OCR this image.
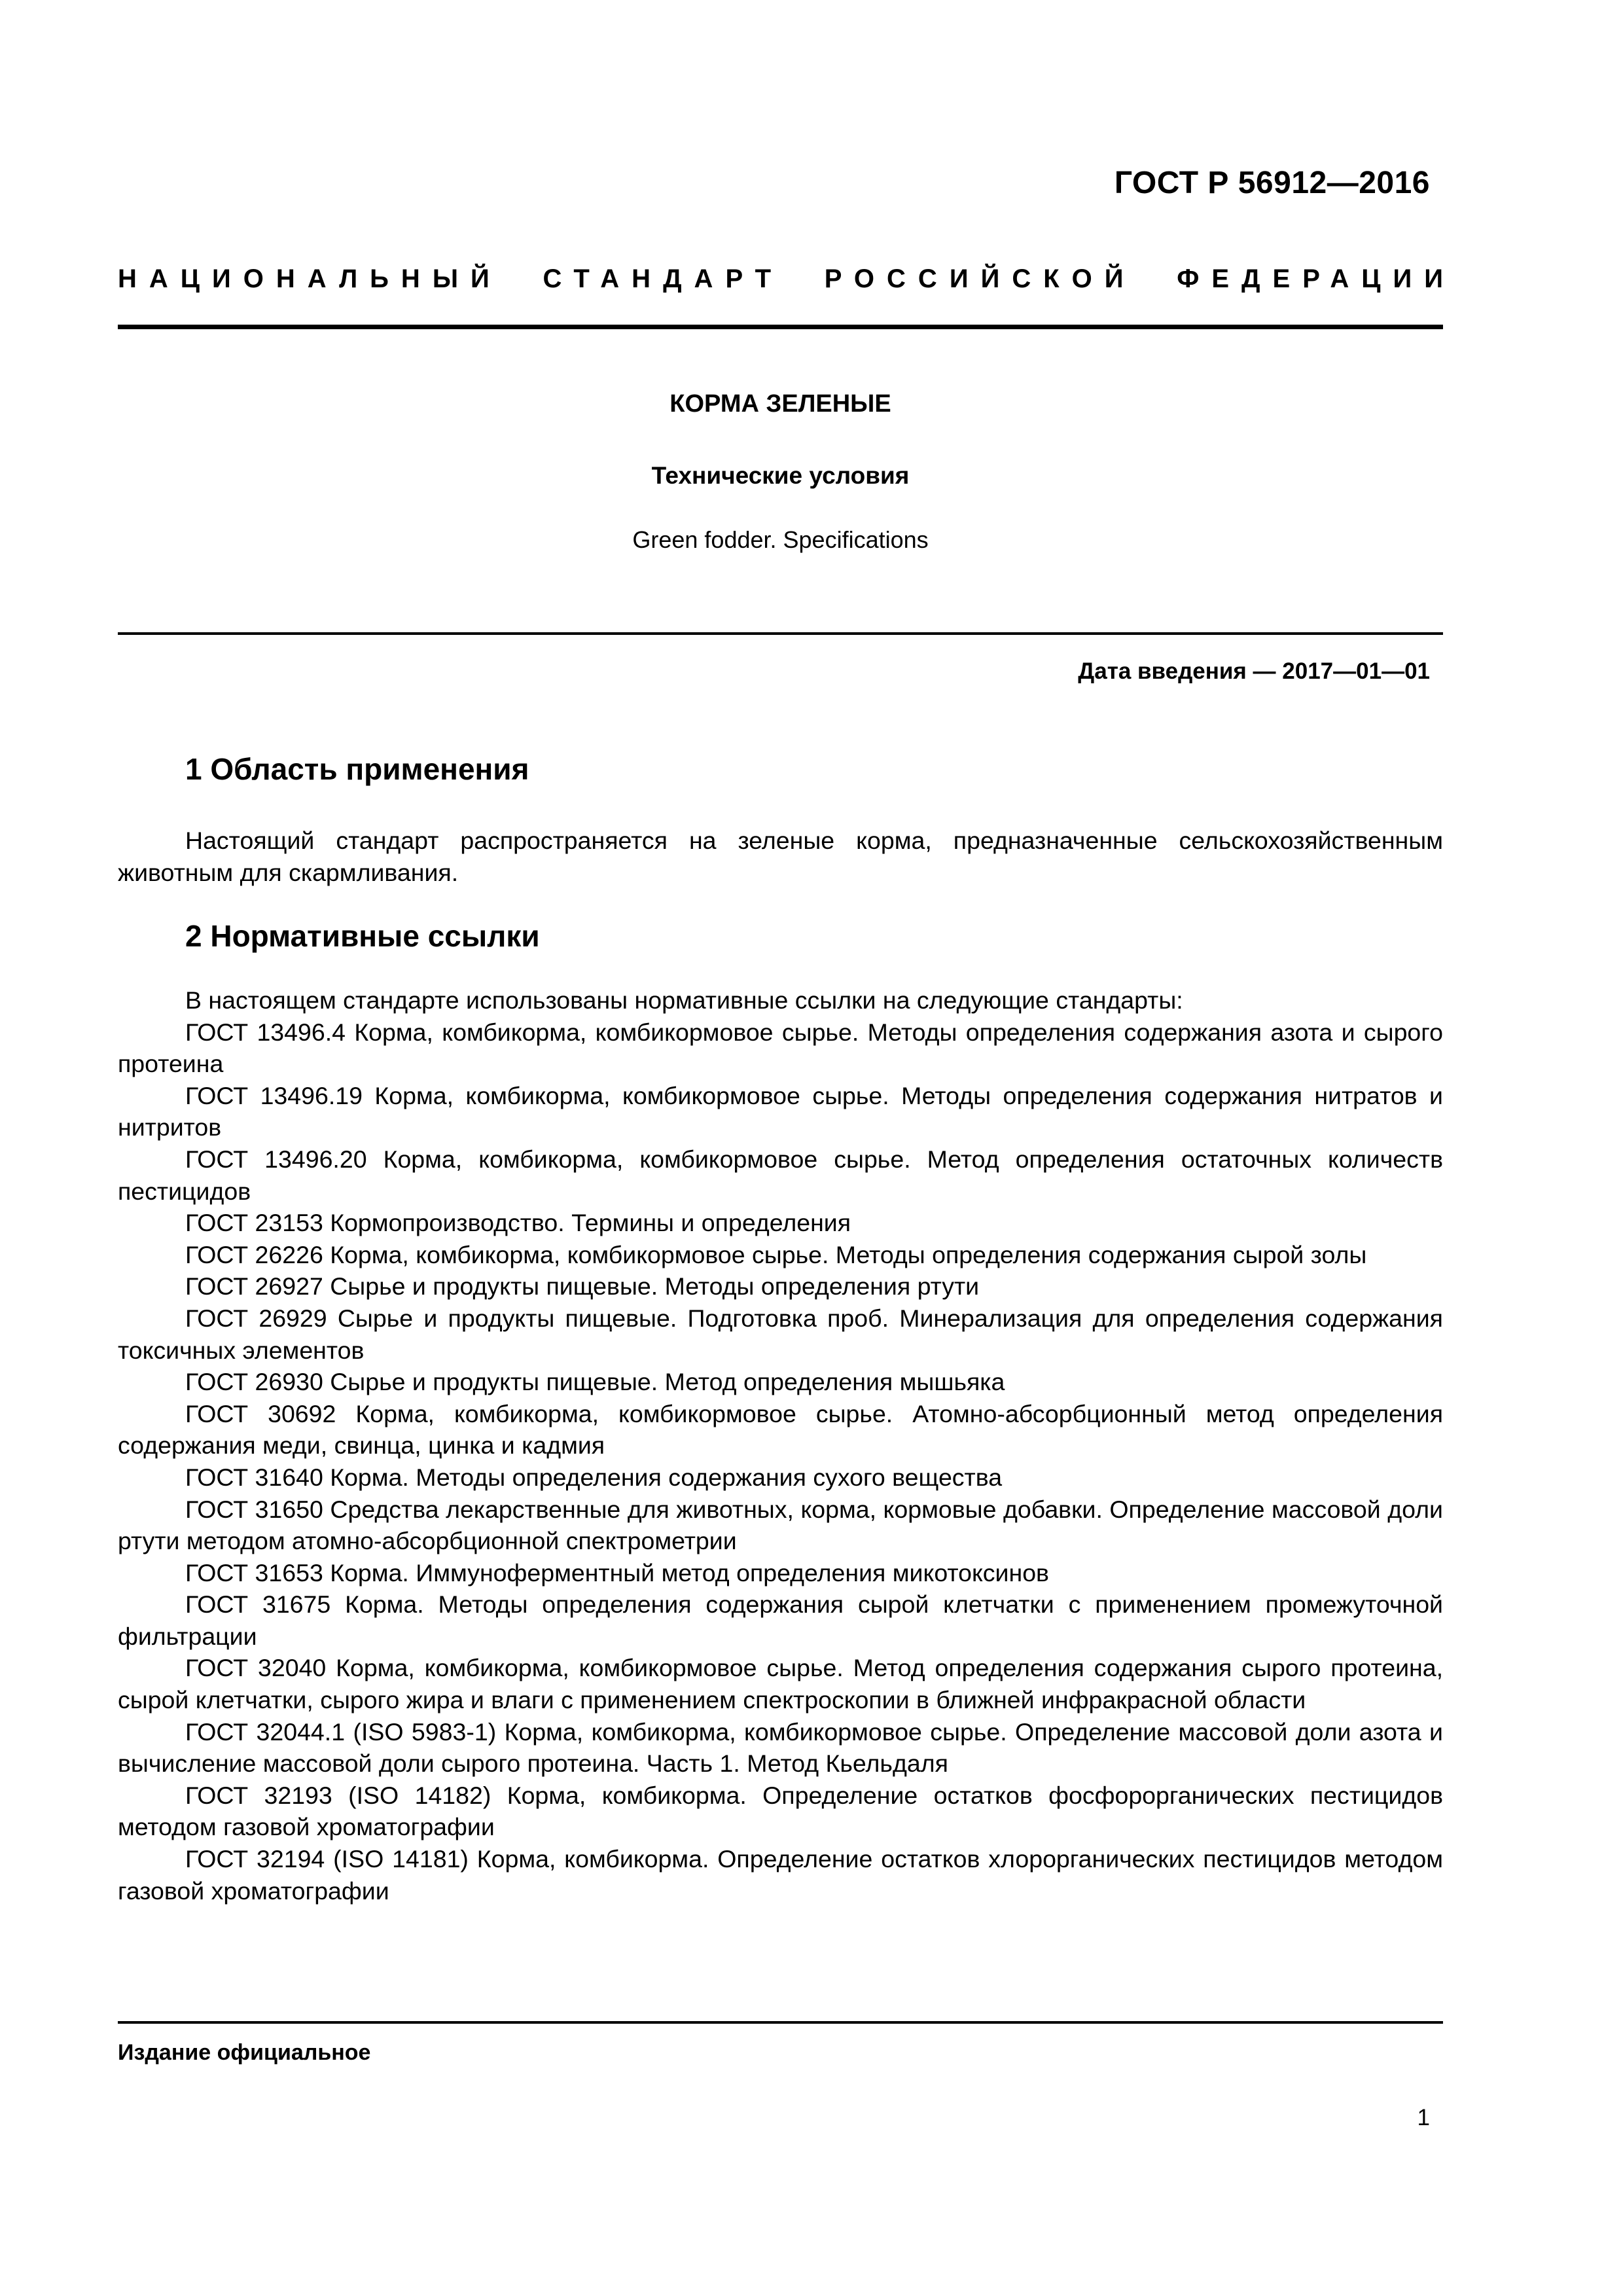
ГОСТ Р 56912—2016
НАЦИОНАЛЬНЫЙ СТАНДАРТ РОССИЙСКОЙ ФЕДЕРАЦИИ
КОРМА ЗЕЛЕНЫЕ
Технические условия
Green fodder. Specifications
Дата введения — 2017—01—01
1 Область применения

Настоящий стандарт распространяется на зеленые корма, предназначенные сельскохозяйственным животным для скармливания.

2 Нормативные ссылки

В настоящем стандарте использованы нормативные ссылки на следующие стандарты:

ГОСТ 13496.4 Корма, комбикорма, комбикормовое сырье. Методы определения содержания азота и сырого протеина

ГОСТ 13496.19 Корма, комбикорма, комбикормовое сырье. Методы определения содержания нитратов и нитритов

ГОСТ 13496.20 Корма, комбикорма, комбикормовое сырье. Метод определения остаточных количеств пестицидов

ГОСТ 23153 Кормопроизводство. Термины и определения

ГОСТ 26226 Корма, комбикорма, комбикормовое сырье. Методы определения содержания сырой золы

ГОСТ 26927 Сырье и продукты пищевые. Методы определения ртути

ГОСТ 26929 Сырье и продукты пищевые. Подготовка проб. Минерализация для определения содержания токсичных элементов

ГОСТ 26930 Сырье и продукты пищевые. Метод определения мышьяка

ГОСТ 30692 Корма, комбикорма, комбикормовое сырье. Атомно-абсорбционный метод определения содержания меди, свинца, цинка и кадмия

ГОСТ 31640 Корма. Методы определения содержания сухого вещества

ГОСТ 31650 Средства лекарственные для животных, корма, кормовые добавки. Определение массовой доли ртути методом атомно-абсорбционной спектрометрии

ГОСТ 31653 Корма. Иммуноферментный метод определения микотоксинов

ГОСТ 31675 Корма. Методы определения содержания сырой клетчатки с применением промежуточной фильтрации

ГОСТ 32040 Корма, комбикорма, комбикормовое сырье. Метод определения содержания сырого протеина, сырой клетчатки, сырого жира и влаги с применением спектроскопии в ближней инфракрасной области

ГОСТ 32044.1 (ISO 5983-1) Корма, комбикорма, комбикормовое сырье. Определение массовой доли азота и вычисление массовой доли сырого протеина. Часть 1. Метод Кьельдаля

ГОСТ 32193 (ISO 14182) Корма, комбикорма. Определение остатков фосфорорганических пестицидов методом газовой хроматографии

ГОСТ 32194 (ISO 14181) Корма, комбикорма. Определение остатков хлорорганических пестицидов методом газовой хроматографии

Издание официальное
1
